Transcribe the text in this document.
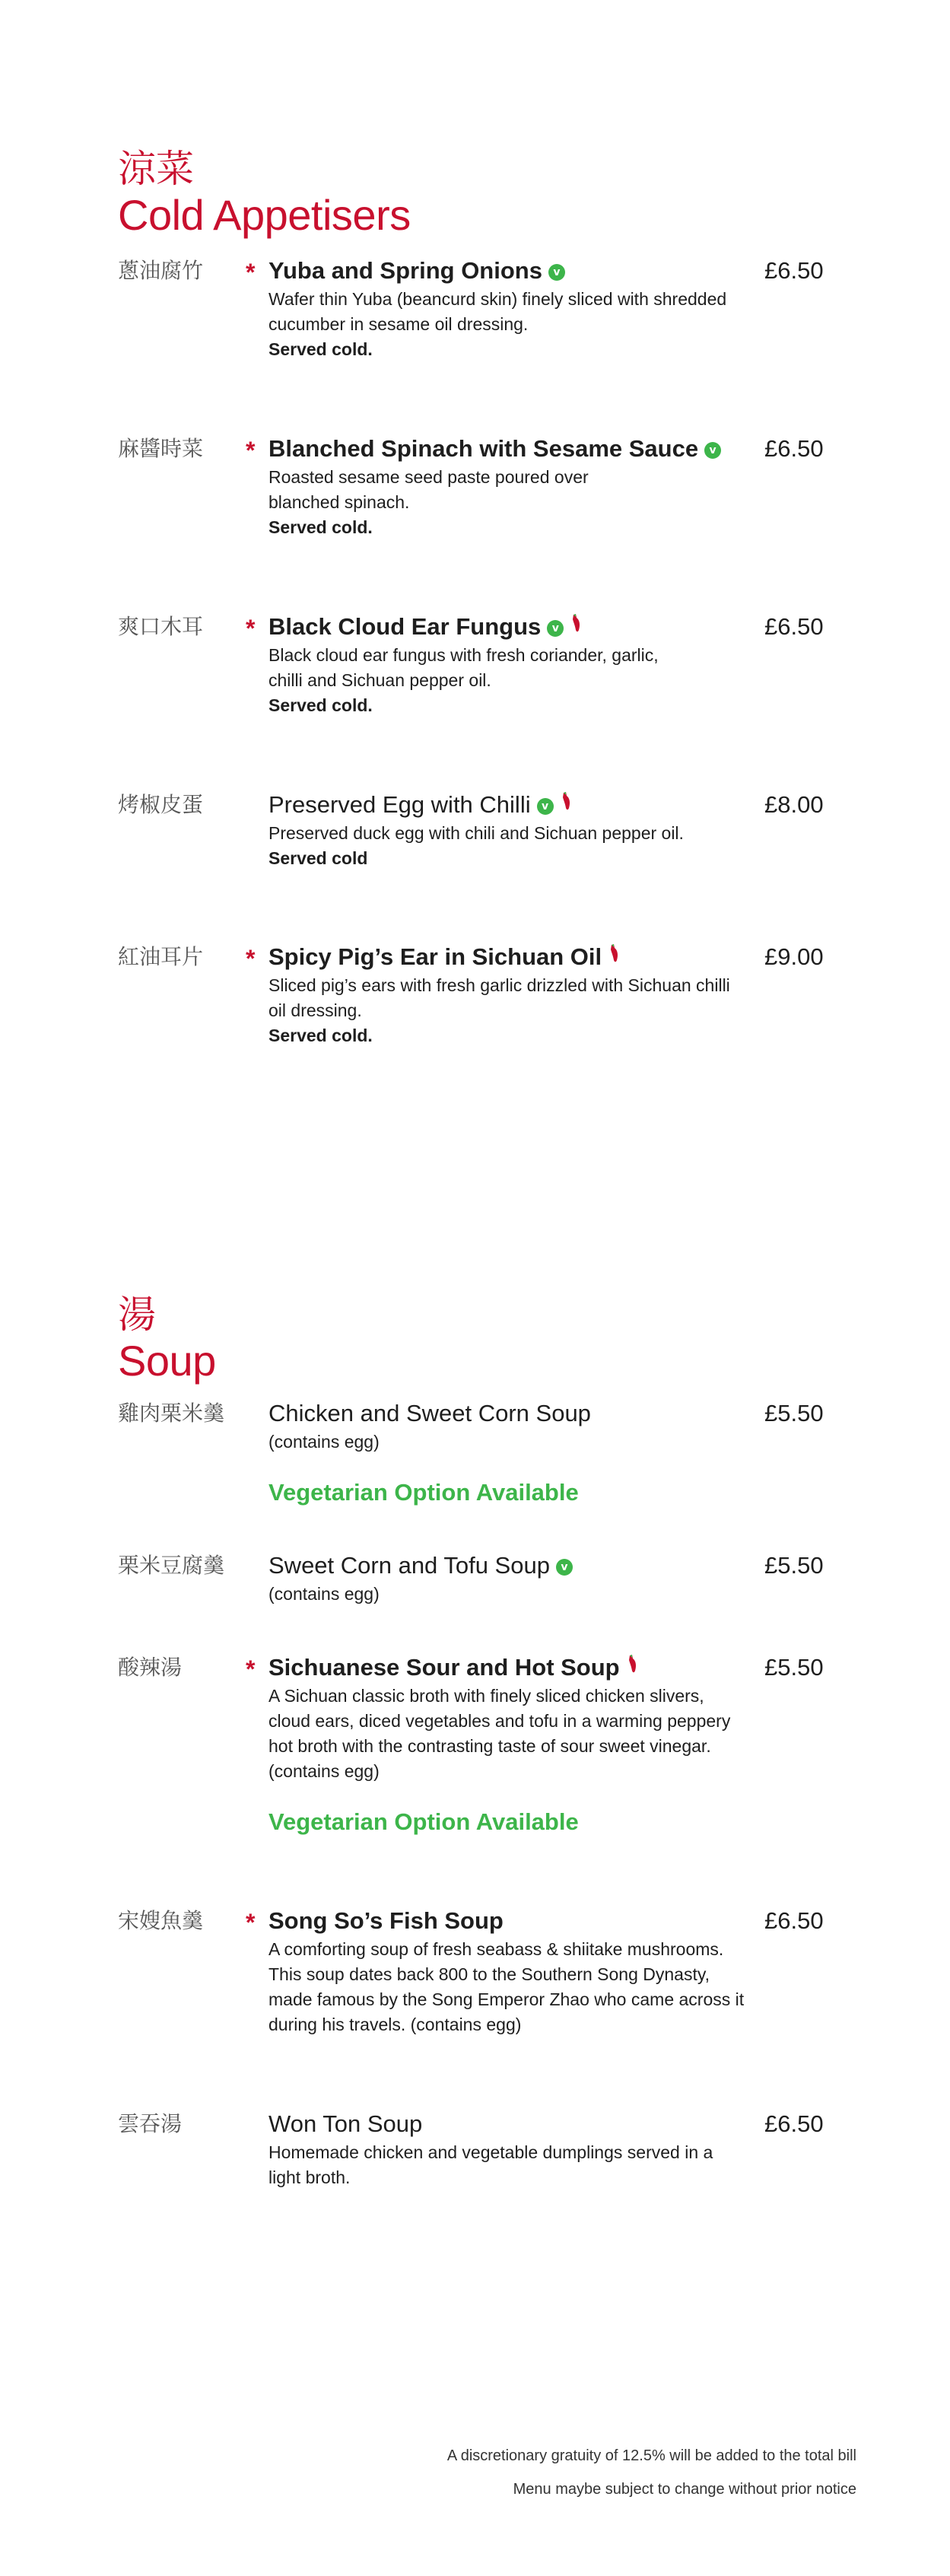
涼菜
Cold Appetisers
蔥油腐竹 * Yuba and Spring Onions v
Wafer thin Yuba (beancurd skin) finely sliced with shredded cucumber in sesame oil dressing.
Served cold.
£6.50
麻醬時菜 * Blanched Spinach with Sesame Sauce v
Roasted sesame seed paste poured over blanched spinach.
Served cold.
£6.50
爽口木耳 * Black Cloud Ear Fungus v
Black cloud ear fungus with fresh coriander, garlic, chilli and Sichuan pepper oil.
Served cold.
£6.50
烤椒皮蛋	Preserved Egg with Chilli v
Preserved duck egg with chili and Sichuan pepper oil.
Served cold
£8.00
紅油耳片 * Spicy Pig’s Ear in Sichuan Oil
Sliced pig’s ears with fresh garlic drizzled with Sichuan chilli oil dressing.
Served cold.
£9.00
湯
Soup
雞肉栗米羹 Chicken and Sweet Corn Soup
(contains egg)
Vegetarian Option Available
£5.50
栗米豆腐羹 Sweet Corn and Tofu Soup v
(contains egg)
£5.50
酸辣湯	* Sichuanese Sour and Hot Soup
A Sichuan classic broth with finely sliced chicken slivers, cloud ears, diced vegetables and tofu in a warming peppery hot broth with the contrasting taste of sour sweet vinegar. (contains egg)
Vegetarian Option Available
£5.50
宋嫂魚羹 * Song So’s Fish Soup
A comforting soup of fresh seabass & shiitake mushrooms. This soup dates back 800 to the Southern Song Dynasty, made famous by the Song Emperor Zhao who came across it during his travels. (contains egg)
£6.50
雲吞湯	Won Ton Soup
Homemade chicken and vegetable dumplings served in a light broth.
£6.50
A discretionary gratuity of 12.5% will be added to the total bill
Menu maybe subject to change without prior notice
